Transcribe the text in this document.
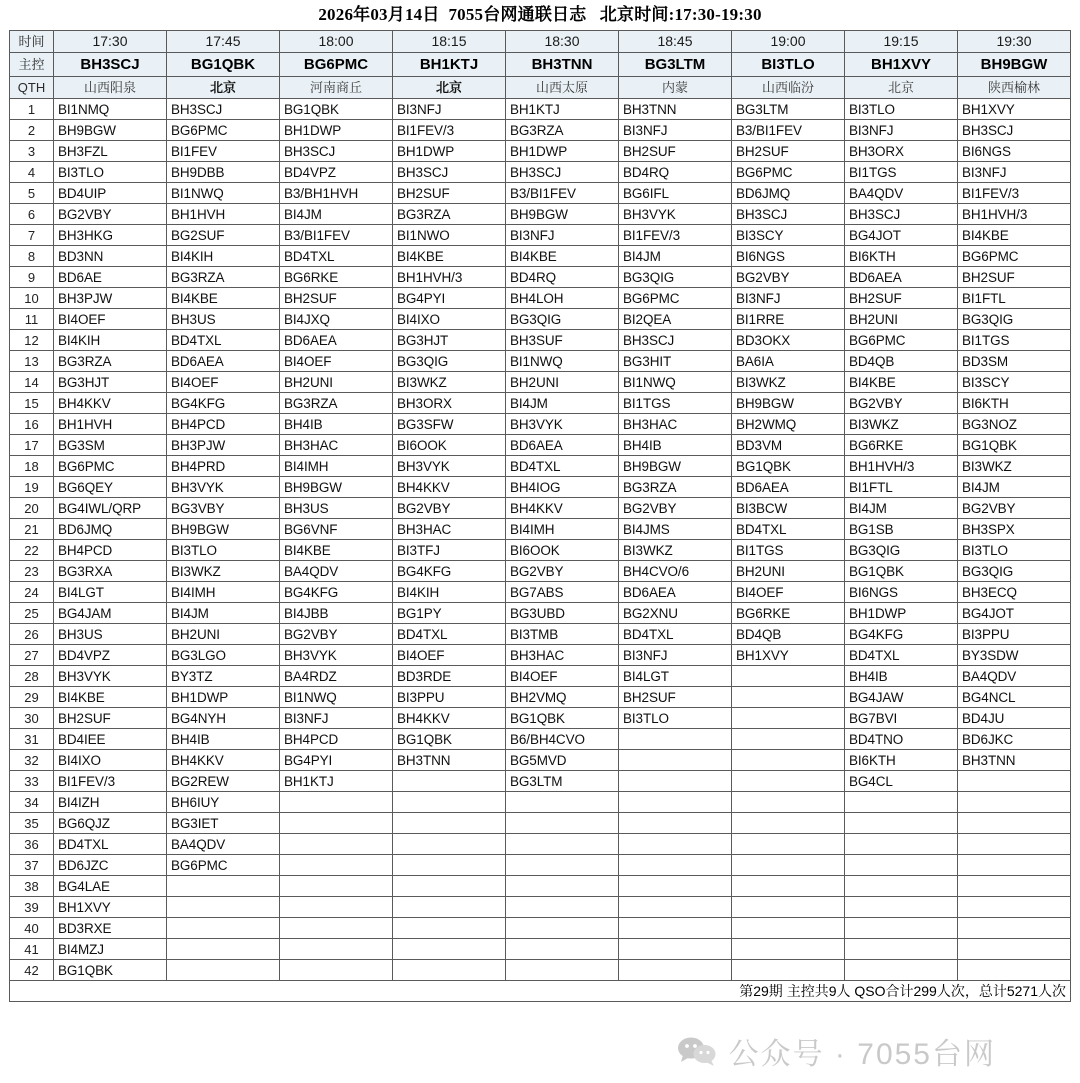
2026年03月14日  7055台网通联日志   北京时间:17:30-19:30
时间	17:30	17:45	18:00	18:15	18:30	18:45	19:00	19:15	19:30
主控	BH3SCJ	BG1QBK	BG6PMC	BH1KTJ	BH3TNN	BG3LTM	BI3TLO	BH1XVY	BH9BGW
QTH	山西阳泉	北京	河南商丘	北京	山西太原	内蒙	山西临汾	北京	陕西榆林
1	BI1NMQ	BH3SCJ	BG1QBK	BI3NFJ	BH1KTJ	BH3TNN	BG3LTM	BI3TLO	BH1XVY
2	BH9BGW	BG6PMC	BH1DWP	BI1FEV/3	BG3RZA	BI3NFJ	B3/BI1FEV	BI3NFJ	BH3SCJ
3	BH3FZL	BI1FEV	BH3SCJ	BH1DWP	BH1DWP	BH2SUF	BH2SUF	BH3ORX	BI6NGS
4	BI3TLO	BH9DBB	BD4VPZ	BH3SCJ	BH3SCJ	BD4RQ	BG6PMC	BI1TGS	BI3NFJ
5	BD4UIP	BI1NWQ	B3/BH1HVH	BH2SUF	B3/BI1FEV	BG6IFL	BD6JMQ	BA4QDV	BI1FEV/3
6	BG2VBY	BH1HVH	BI4JM	BG3RZA	BH9BGW	BH3VYK	BH3SCJ	BH3SCJ	BH1HVH/3
7	BH3HKG	BG2SUF	B3/BI1FEV	BI1NWO	BI3NFJ	BI1FEV/3	BI3SCY	BG4JOT	BI4KBE
8	BD3NN	BI4KIH	BD4TXL	BI4KBE	BI4KBE	BI4JM	BI6NGS	BI6KTH	BG6PMC
9	BD6AE	BG3RZA	BG6RKE	BH1HVH/3	BD4RQ	BG3QIG	BG2VBY	BD6AEA	BH2SUF
10	BH3PJW	BI4KBE	BH2SUF	BG4PYI	BH4LOH	BG6PMC	BI3NFJ	BH2SUF	BI1FTL
11	BI4OEF	BH3US	BI4JXQ	BI4IXO	BG3QIG	BI2QEA	BI1RRE	BH2UNI	BG3QIG
12	BI4KIH	BD4TXL	BD6AEA	BG3HJT	BH3SUF	BH3SCJ	BD3OKX	BG6PMC	BI1TGS
13	BG3RZA	BD6AEA	BI4OEF	BG3QIG	BI1NWQ	BG3HIT	BA6IA	BD4QB	BD3SM
14	BG3HJT	BI4OEF	BH2UNI	BI3WKZ	BH2UNI	BI1NWQ	BI3WKZ	BI4KBE	BI3SCY
15	BH4KKV	BG4KFG	BG3RZA	BH3ORX	BI4JM	BI1TGS	BH9BGW	BG2VBY	BI6KTH
16	BH1HVH	BH4PCD	BH4IB	BG3SFW	BH3VYK	BH3HAC	BH2WMQ	BI3WKZ	BG3NOZ
17	BG3SM	BH3PJW	BH3HAC	BI6OOK	BD6AEA	BH4IB	BD3VM	BG6RKE	BG1QBK
18	BG6PMC	BH4PRD	BI4IMH	BH3VYK	BD4TXL	BH9BGW	BG1QBK	BH1HVH/3	BI3WKZ
19	BG6QEY	BH3VYK	BH9BGW	BH4KKV	BH4IOG	BG3RZA	BD6AEA	BI1FTL	BI4JM
20	BG4IWL/QRP	BG3VBY	BH3US	BG2VBY	BH4KKV	BG2VBY	BI3BCW	BI4JM	BG2VBY
21	BD6JMQ	BH9BGW	BG6VNF	BH3HAC	BI4IMH	BI4JMS	BD4TXL	BG1SB	BH3SPX
22	BH4PCD	BI3TLO	BI4KBE	BI3TFJ	BI6OOK	BI3WKZ	BI1TGS	BG3QIG	BI3TLO
23	BG3RXA	BI3WKZ	BA4QDV	BG4KFG	BG2VBY	BH4CVO/6	BH2UNI	BG1QBK	BG3QIG
24	BI4LGT	BI4IMH	BG4KFG	BI4KIH	BG7ABS	BD6AEA	BI4OEF	BI6NGS	BH3ECQ
25	BG4JAM	BI4JM	BI4JBB	BG1PY	BG3UBD	BG2XNU	BG6RKE	BH1DWP	BG4JOT
26	BH3US	BH2UNI	BG2VBY	BD4TXL	BI3TMB	BD4TXL	BD4QB	BG4KFG	BI3PPU
27	BD4VPZ	BG3LGO	BH3VYK	BI4OEF	BH3HAC	BI3NFJ	BH1XVY	BD4TXL	BY3SDW
28	BH3VYK	BY3TZ	BA4RDZ	BD3RDE	BI4OEF	BI4LGT		BH4IB	BA4QDV
29	BI4KBE	BH1DWP	BI1NWQ	BI3PPU	BH2VMQ	BH2SUF		BG4JAW	BG4NCL
30	BH2SUF	BG4NYH	BI3NFJ	BH4KKV	BG1QBK	BI3TLO		BG7BVI	BD4JU
31	BD4IEE	BH4IB	BH4PCD	BG1QBK	B6/BH4CVO			BD4TNO	BD6JKC
32	BI4IXO	BH4KKV	BG4PYI	BH3TNN	BG5MVD			BI6KTH	BH3TNN
33	BI1FEV/3	BG2REW	BH1KTJ		BG3LTM			BG4CL	
34	BI4IZH	BH6IUY							
35	BG6QJZ	BG3IET							
36	BD4TXL	BA4QDV							
37	BD6JZC	BG6PMC							
38	BG4LAE								
39	BH1XVY								
40	BD3RXE								
41	BI4MZJ								
42	BG1QBK								
第29期 主控共9人 QSO合计299人次，总计5271人次									
公众号 · 7055台网
